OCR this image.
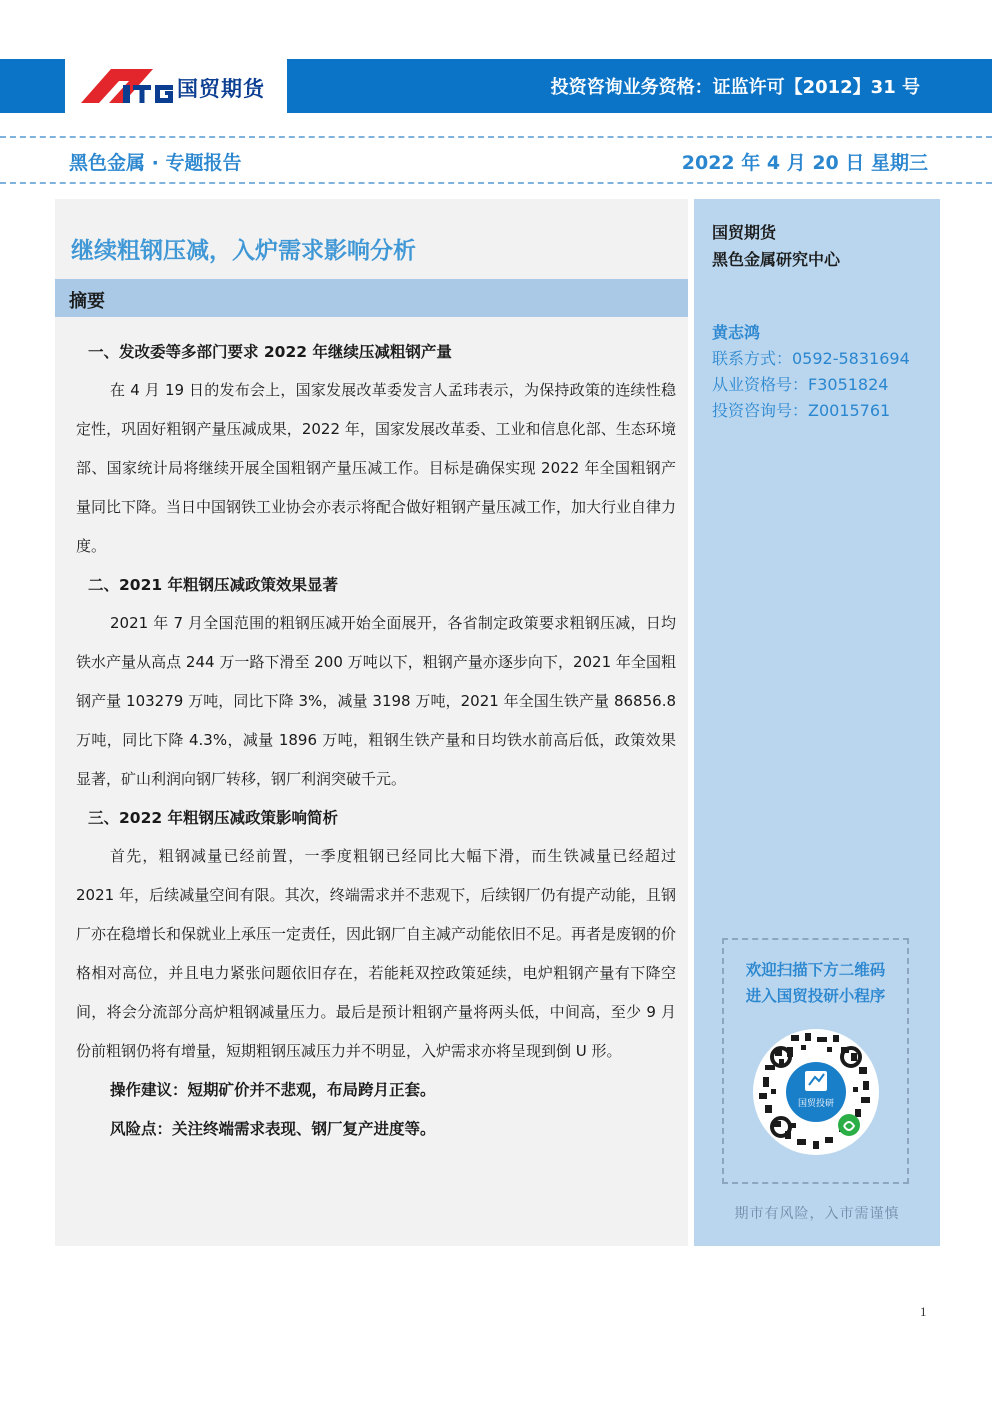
国贸期货	投资咨询业务资格：证监许可【2012】31 号
黑色金属 · 专题报告	2022 年 4 月 20 日 星期三
继续粗钢压减，入炉需求影响分析
摘要
一、发改委等多部门要求 2022 年继续压减粗钢产量

在 4 月 19 日的发布会上，国家发展改革委发言人孟玮表示，为保持政策的连续性稳定性，巩固好粗钢产量压减成果，2022 年，国家发展改革委、工业和信息化部、生态环境部、国家统计局将继续开展全国粗钢产量压减工作。目标是确保实现 2022 年全国粗钢产量同比下降。当日中国钢铁工业协会亦表示将配合做好粗钢产量压减工作，加大行业自律力度。

二、2021 年粗钢压减政策效果显著

2021 年 7 月全国范围的粗钢压减开始全面展开，各省制定政策要求粗钢压减，日均铁水产量从高点 244 万一路下滑至 200 万吨以下，粗钢产量亦逐步向下，2021 年全国粗钢产量 103279 万吨，同比下降 3%，减量 3198 万吨，2021 年全国生铁产量 86856.8 万吨，同比下降 4.3%，减量 1896 万吨，粗钢生铁产量和日均铁水前高后低，政策效果显著，矿山利润向钢厂转移，钢厂利润突破千元。

三、2022 年粗钢压减政策影响简析

首先，粗钢减量已经前置，一季度粗钢已经同比大幅下滑，而生铁减量已经超过 2021 年，后续减量空间有限。其次，终端需求并不悲观下，后续钢厂仍有提产动能，且钢厂亦在稳增长和保就业上承压一定责任，因此钢厂自主减产动能依旧不足。再者是废钢的价格相对高位，并且电力紧张问题依旧存在，若能耗双控政策延续，电炉粗钢产量有下降空间，将会分流部分高炉粗钢减量压力。最后是预计粗钢产量将两头低，中间高，至少 9 月份前粗钢仍将有增量，短期粗钢压减压力并不明显，入炉需求亦将呈现到倒 U 形。

操作建议：短期矿价并不悲观，布局跨月正套。
风险点：关注终端需求表现、钢厂复产进度等。
国贸期货
黑色金属研究中心
黄志鸿
联系方式：0592-5831694
从业资格号：F3051824
投资咨询号：Z0015761
欢迎扫描下方二维码
进入国贸投研小程序
国贸投研
期市有风险，入市需谨慎
1
